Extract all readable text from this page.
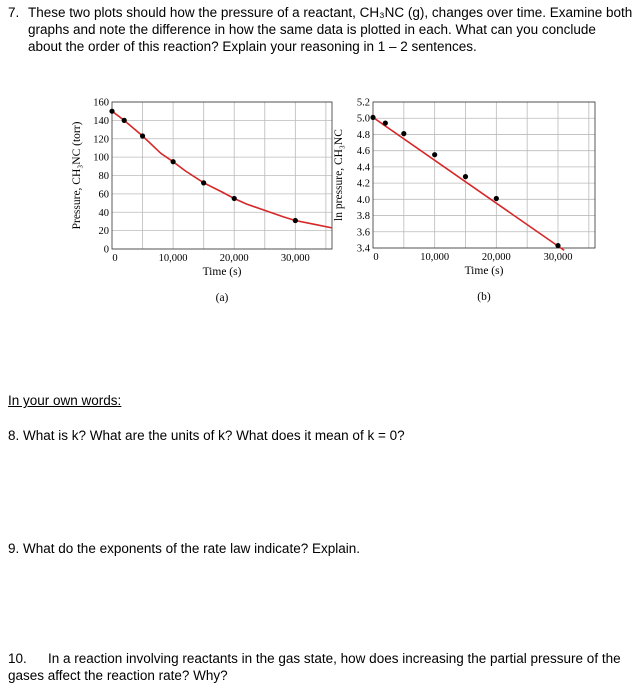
7. These two plots should how the pressure of a reactant, CH₃NC (g), changes over time. Examine both graphs and note the difference in how the same data is plotted in each. What can you conclude about the order of this reaction? Explain your reasoning in 1 – 2 sentences.
0
20
40
60
80
100
120
140
160
0	10,000	20,000	30,000
Time (s)
Pressure, CH₃NC (torr)
(a)
3.4
3.6
3.8
4.0
4.2
4.4
4.6
4.8
5.0
5.2
0	10,000	20,000	30,000
Time (s)
ln pressure, CH₃NC
(b)
In your own words:
8. What is k? What are the units of k? What does it mean of k = 0?
9. What do the exponents of the rate law indicate? Explain.
10.	In a reaction involving reactants in the gas state, how does increasing the partial pressure of the gases affect the reaction rate? Why?
